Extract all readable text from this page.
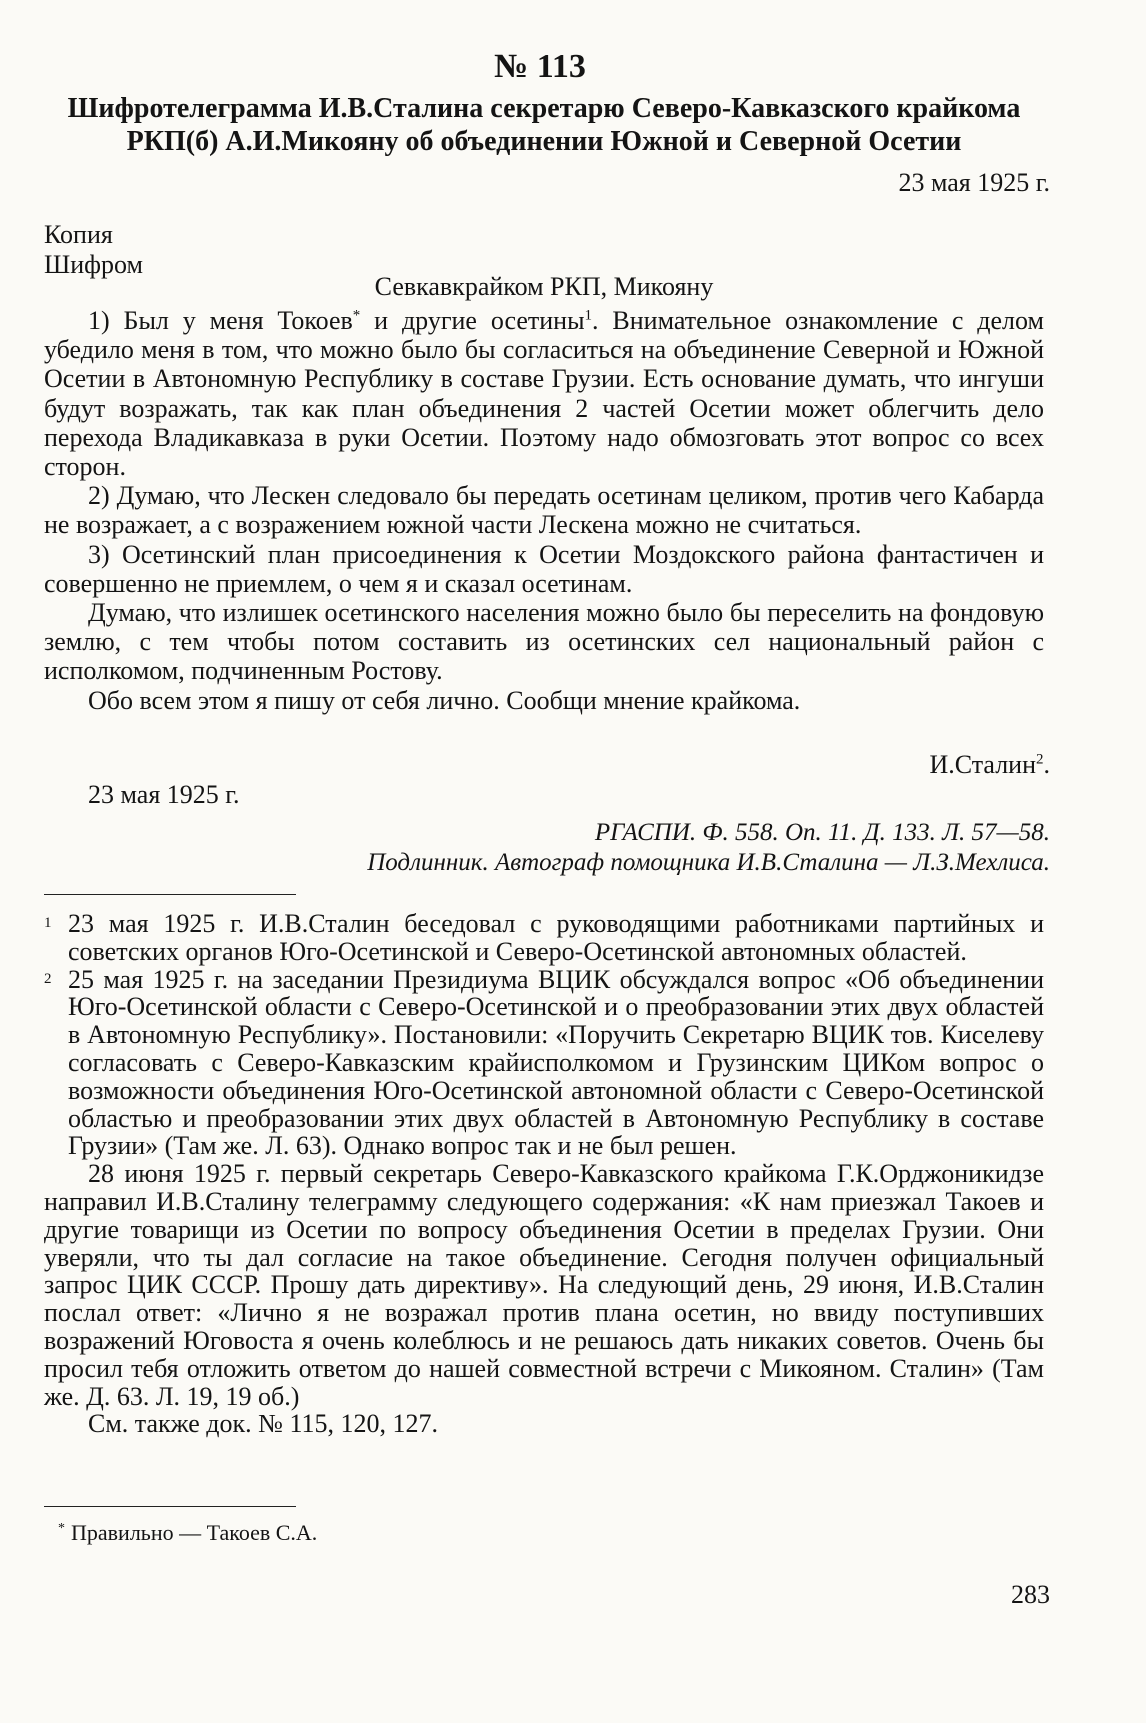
№ 113
Шифротелеграмма И.В.Сталина секретарю Северо-Кавказского крайкома
РКП(б) А.И.Микояну об объединении Южной и Северной Осетии
23 мая 1925 г.
Копия
Шифром
Севкавкрайком РКП, Микояну

1) Был у меня Токоев* и другие осетины$^1$. Внимательное ознакомление с делом убедило меня в том, что можно было бы согласиться на объединение Северной и Южной Осетии в Автономную Республику в составе Грузии. Есть основание думать, что ингуши будут возражать, так как план объединения 2 частей Осетии может облегчить дело перехода Владикавказа в руки Осетии. Поэтому надо обмозговать этот вопрос со всех сторон.

2) Думаю, что Лескен следовало бы передать осетинам целиком, против чего Кабарда не возражает, а с возражением южной части Лескена можно не считаться.

3) Осетинский план присоединения к Осетии Моздокского района фантастичен и совершенно не приемлем, о чем я и сказал осетинам.

Думаю, что излишек осетинского населения можно было бы переселить на фондовую землю, с тем чтобы потом составить из осетинских сел национальный район с исполкомом, подчиненным Ростову.

Обо всем этом я пишу от себя лично. Сообщи мнение крайкома.

И.Сталин$^2$.
23 мая 1925 г.
РГАСПИ. Ф. 558. Оп. 11. Д. 133. Л. 57—58.
Подлинник. Автограф помощника И.В.Сталина — Л.З.Мехлиса.
1 23 мая 1925 г. И.В.Сталин беседовал с руководящими работниками партийных и советских органов Юго-Осетинской и Северо-Осетинской автономных областей.
2 25 мая 1925 г. на заседании Президиума ВЦИК обсуждался вопрос «Об объединении Юго-Осетинской области с Северо-Осетинской и о преобразовании этих двух областей в Автономную Республику». Постановили: «Поручить Секретарю ВЦИК тов. Киселеву согласовать с Северо-Кавказским крайисполкомом и Грузинским ЦИКом вопрос о возможности объединения Юго-Осетинской автономной области с Северо-Осетинской областью и преобразовании этих двух областей в Автономную Республику в составе Грузии» (Там же. Л. 63). Однако вопрос так и не был решен.

28 июня 1925 г. первый секретарь Северо-Кавказского крайкома Г.К.Орджоникидзе направил И.В.Сталину телеграмму следующего содержания: «К нам приезжал Такоев и другие товарищи из Осетии по вопросу объединения Осетии в пределах Грузии. Они уверяли, что ты дал согласие на такое объединение. Сегодня получен официальный запрос ЦИК СССР. Прошу дать директиву». На следующий день, 29 июня, И.В.Сталин послал ответ: «Лично я не возражал против плана осетин, но ввиду поступивших возражений Юговоста я очень колеблюсь и не решаюсь дать никаких советов. Очень бы просил тебя отложить ответом до нашей совместной встречи с Микояном. Сталин» (Там же. Д. 63. Л. 19, 19 об.)

См. также док. № 115, 120, 127.

* Правильно — Такоев С.А.
283
